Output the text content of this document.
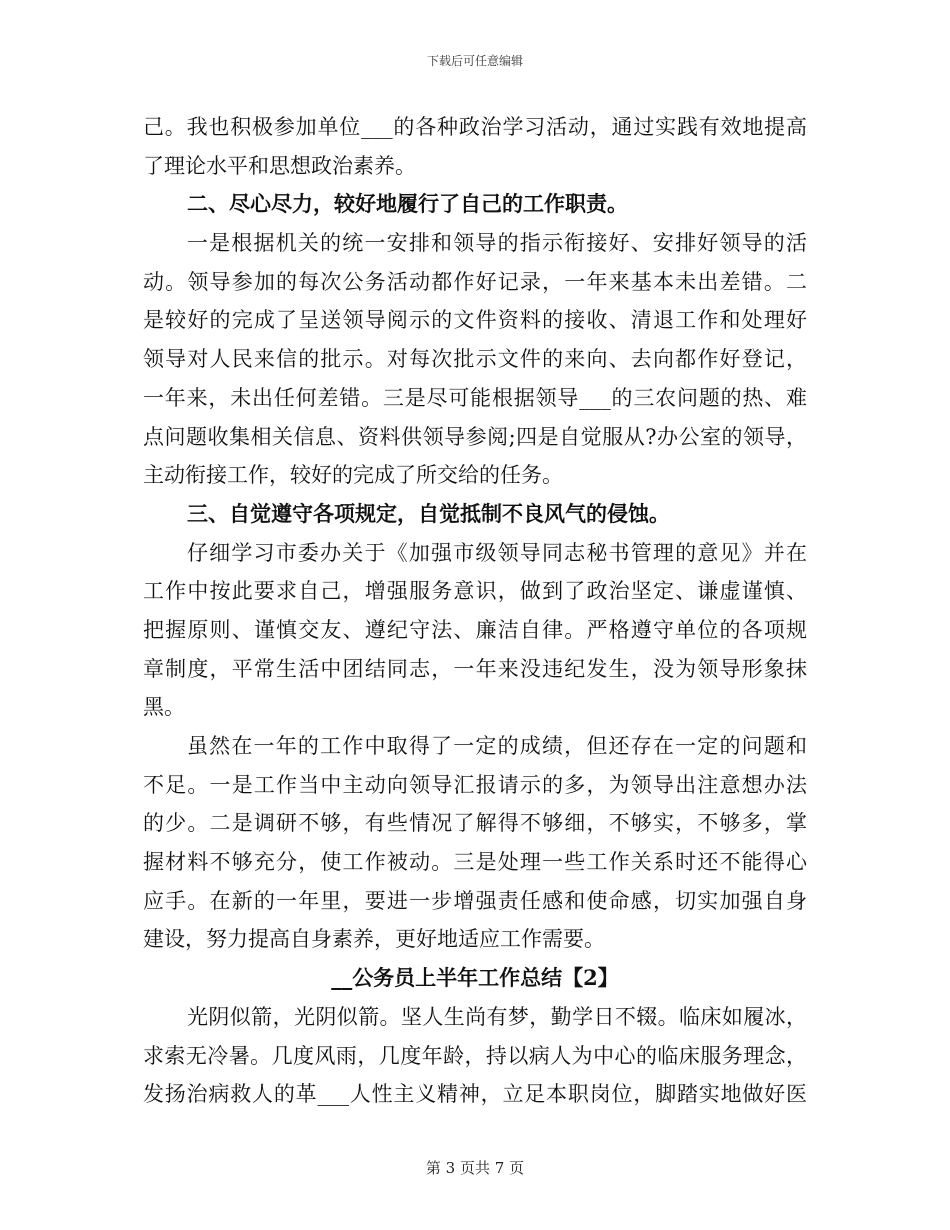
下载后可任意编辑
己。我也积极参加单位___的各种政治学习活动，通过实践有效地提高
了理论水平和思想政治素养。
二、尽心尽力，较好地履行了自己的工作职责。
一是根据机关的统一安排和领导的指示衔接好、安排好领导的活
动。领导参加的每次公务活动都作好记录，一年来基本未出差错。二
是较好的完成了呈送领导阅示的文件资料的接收、清退工作和处理好
领导对人民来信的批示。对每次批示文件的来向、去向都作好登记，
一年来，未出任何差错。三是尽可能根据领导___的三农问题的热、难
点问题收集相关信息、资料供领导参阅;四是自觉服从?办公室的领导，
主动衔接工作，较好的完成了所交给的任务。
三、自觉遵守各项规定，自觉抵制不良风气的侵蚀。
仔细学习市委办关于《加强市级领导同志秘书管理的意见》并在
工作中按此要求自己，增强服务意识，做到了政治坚定、谦虚谨慎、
把握原则、谨慎交友、遵纪守法、廉洁自律。严格遵守单位的各项规
章制度，平常生活中团结同志，一年来没违纪发生，没为领导形象抹
黑。
虽然在一年的工作中取得了一定的成绩，但还存在一定的问题和
不足。一是工作当中主动向领导汇报请示的多，为领导出注意想办法
的少。二是调研不够，有些情况了解得不够细，不够实，不够多，掌
握材料不够充分，使工作被动。三是处理一些工作关系时还不能得心
应手。在新的一年里，要进一步增强责任感和使命感，切实加强自身
建设，努力提高自身素养，更好地适应工作需要。
__公务员上半年工作总结【2】
光阴似箭，光阴似箭。坚人生尚有梦，勤学日不辍。临床如履冰，
求索无冷暑。几度风雨，几度年龄，持以病人为中心的临床服务理念，
发扬治病救人的革___人性主义精神，立足本职岗位，脚踏实地做好医
第 3 页共 7 页
